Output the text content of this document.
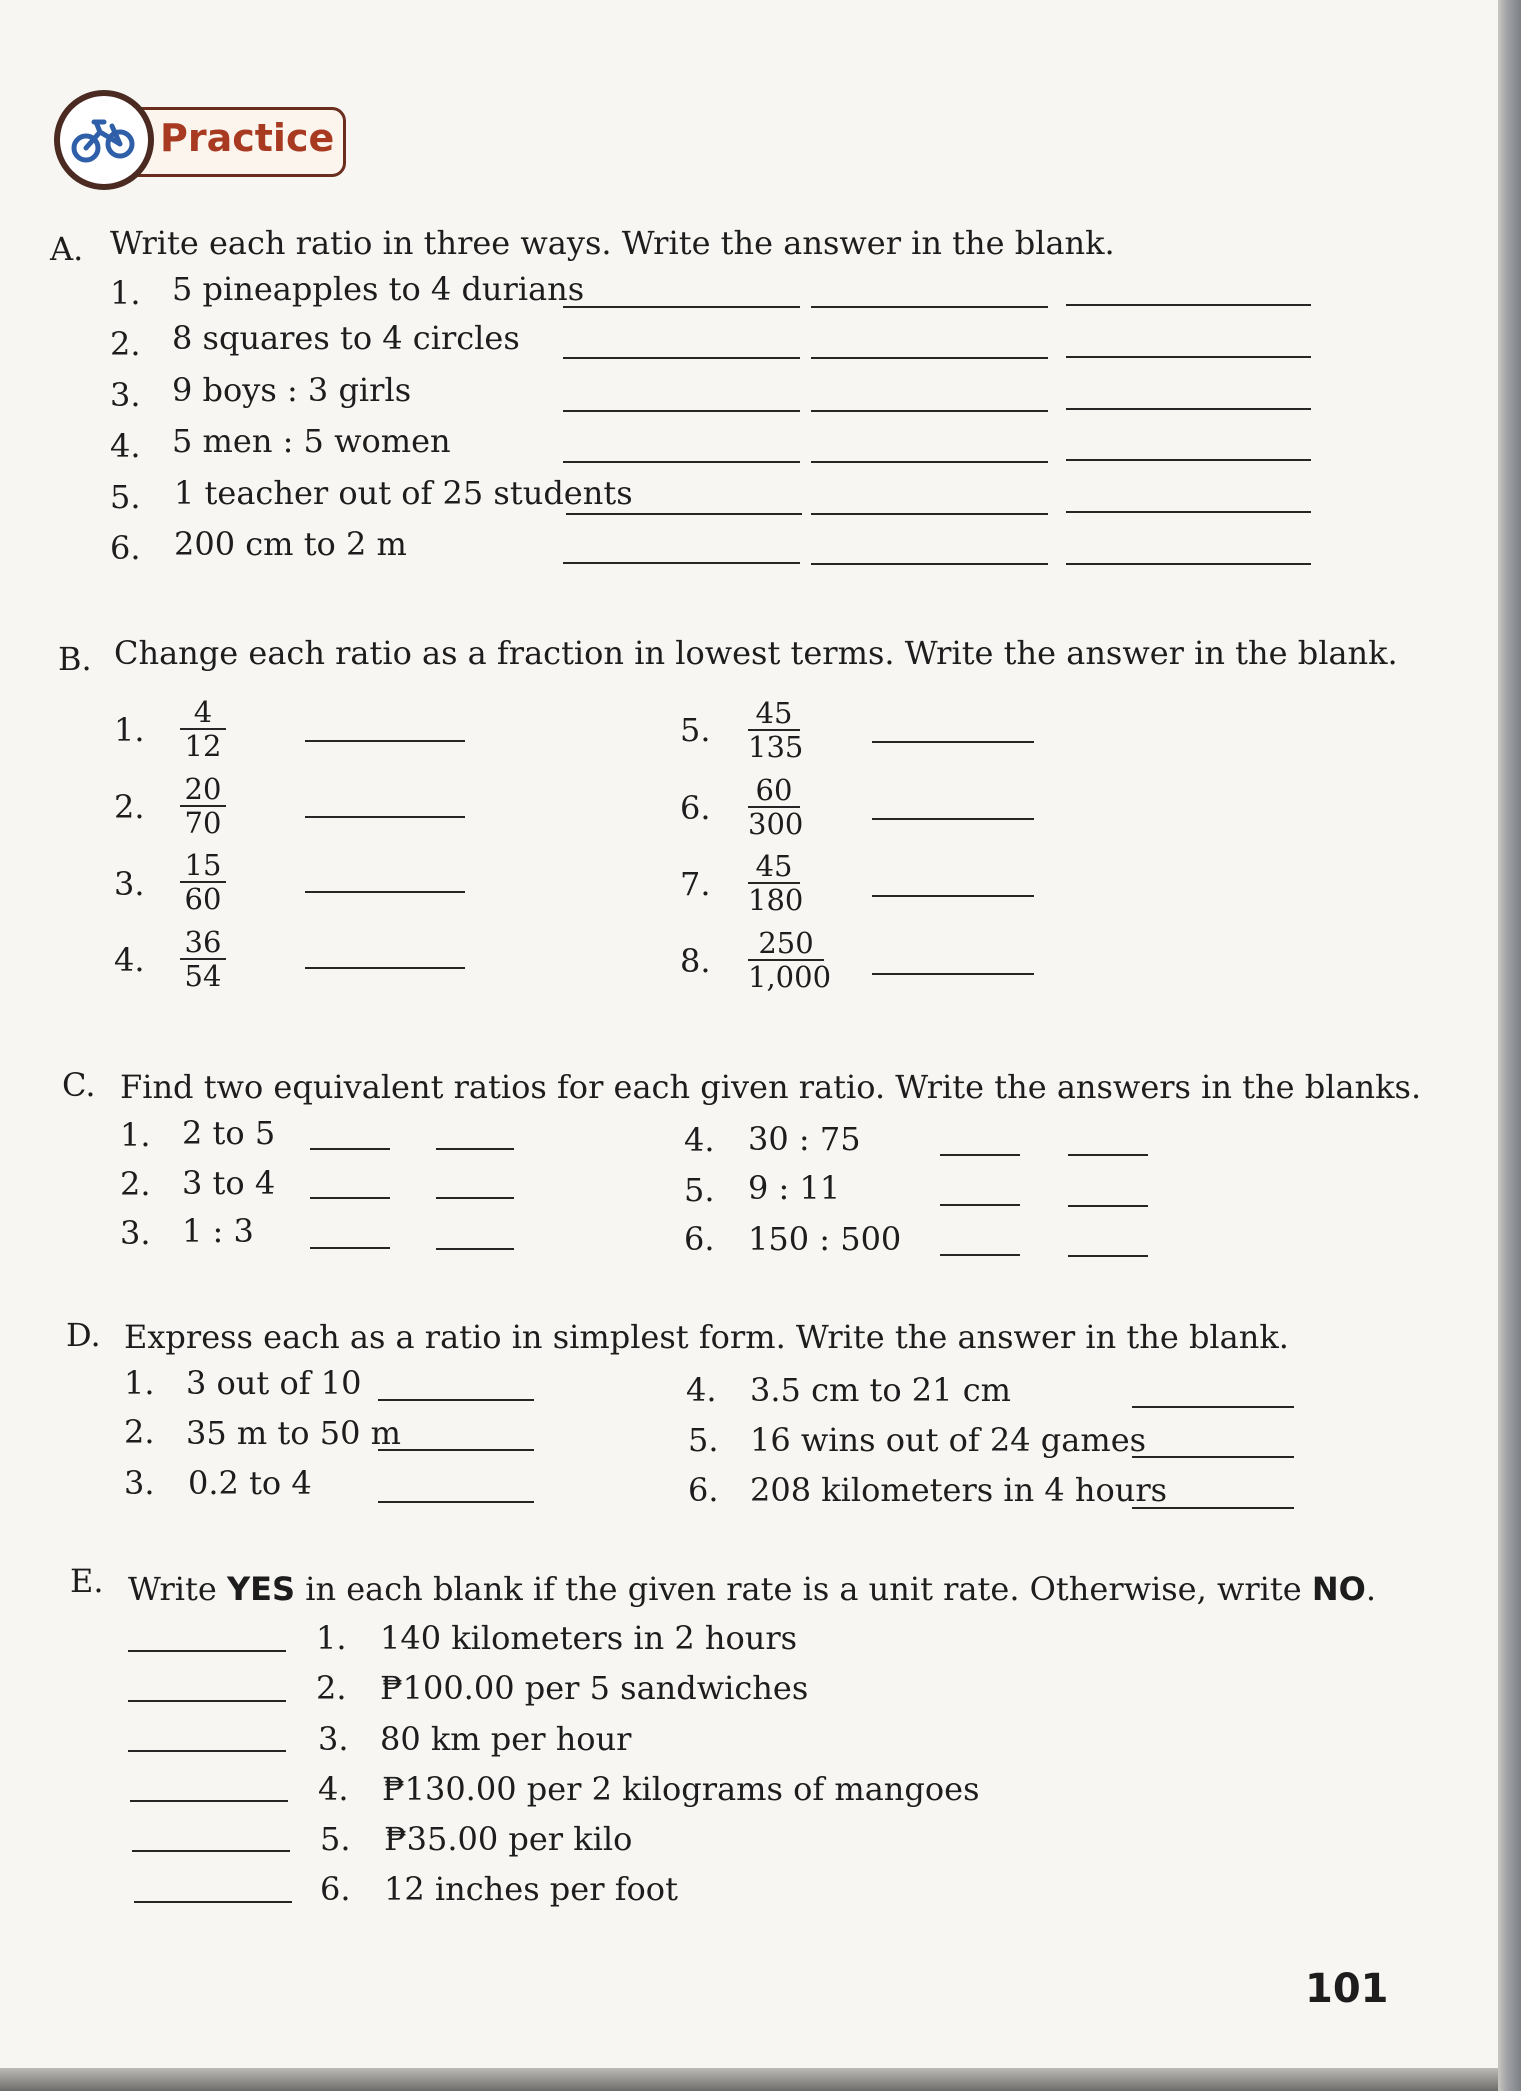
Practice
A. Write each ratio in three ways. Write the answer in the blank.
1. 5 pineapples to 4 durians
2. 8 squares to 4 circles
3. 9 boys : 3 girls
4. 5 men : 5 women
5. 1 teacher out of 25 students
6. 200 cm to 2 m
B. Change each ratio as a fraction in lowest terms. Write the answer in the blank.
1.	4
12
2. 20
70
3. 15
60
4. 36
54
5. 45
135
6. 60
300
7. 45
180
8.	250
1,000
C. Find two equivalent ratios for each given ratio. Write the answers in the blanks.
1. 2 to 5
2. 3 to 4
3. 1 : 3
4. 30 : 75
5. 9 : 11
6. 150 : 500
D. Express each as a ratio in simplest form. Write the answer in the blank.
1. 3 out of 10
2. 35 m to 50 m
3. 0.2 to 4
4. 3.5 cm to 21 cm
5. 16 wins out of 24 games
6. 208 kilometers in 4 hours
E. Write YES in each blank if the given rate is a unit rate. Otherwise, write NO.
1. 140 kilometers in 2 hours
2. ₱100.00 per 5 sandwiches
3. 80 km per hour
4. ₱130.00 per 2 kilograms of mangoes
5. ₱35.00 per kilo
6. 12 inches per foot
101
